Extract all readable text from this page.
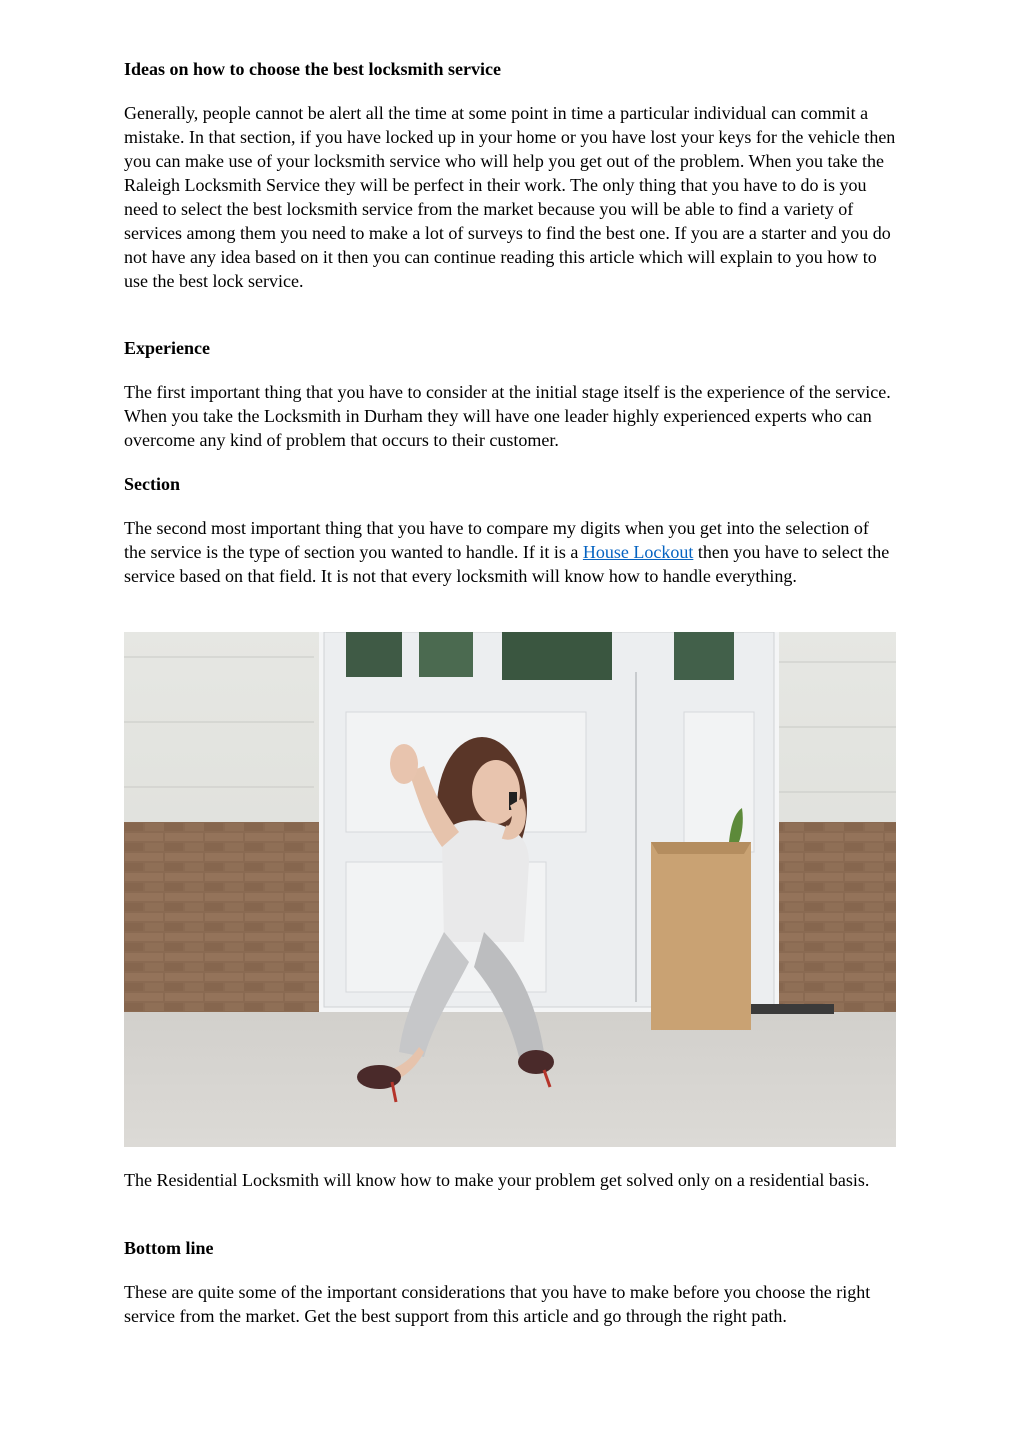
Ideas on how to choose the best locksmith service

Generally, people cannot be alert all the time at some point in time a particular individual can commit a mistake. In that section, if you have locked up in your home or you have lost your keys for the vehicle then you can make use of your locksmith service who will help you get out of the problem. When you take the Raleigh Locksmith Service they will be perfect in their work. The only thing that you have to do is you need to select the best locksmith service from the market because you will be able to find a variety of services among them you need to make a lot of surveys to find the best one. If you are a starter and you do not have any idea based on it then you can continue reading this article which will explain to you how to use the best lock service.

Experience

The first important thing that you have to consider at the initial stage itself is the experience of the service. When you take the Locksmith in Durham they will have one leader highly experienced experts who can overcome any kind of problem that occurs to their customer.

Section

The second most important thing that you have to compare my digits when you get into the selection of the service is the type of section you wanted to handle. If it is a House Lockout then you have to select the service based on that field. It is not that every locksmith will know how to handle everything.

The Residential Locksmith will know how to make your problem get solved only on a residential basis.

Bottom line

These are quite some of the important considerations that you have to make before you choose the right service from the market. Get the best support from this article and go through the right path.
